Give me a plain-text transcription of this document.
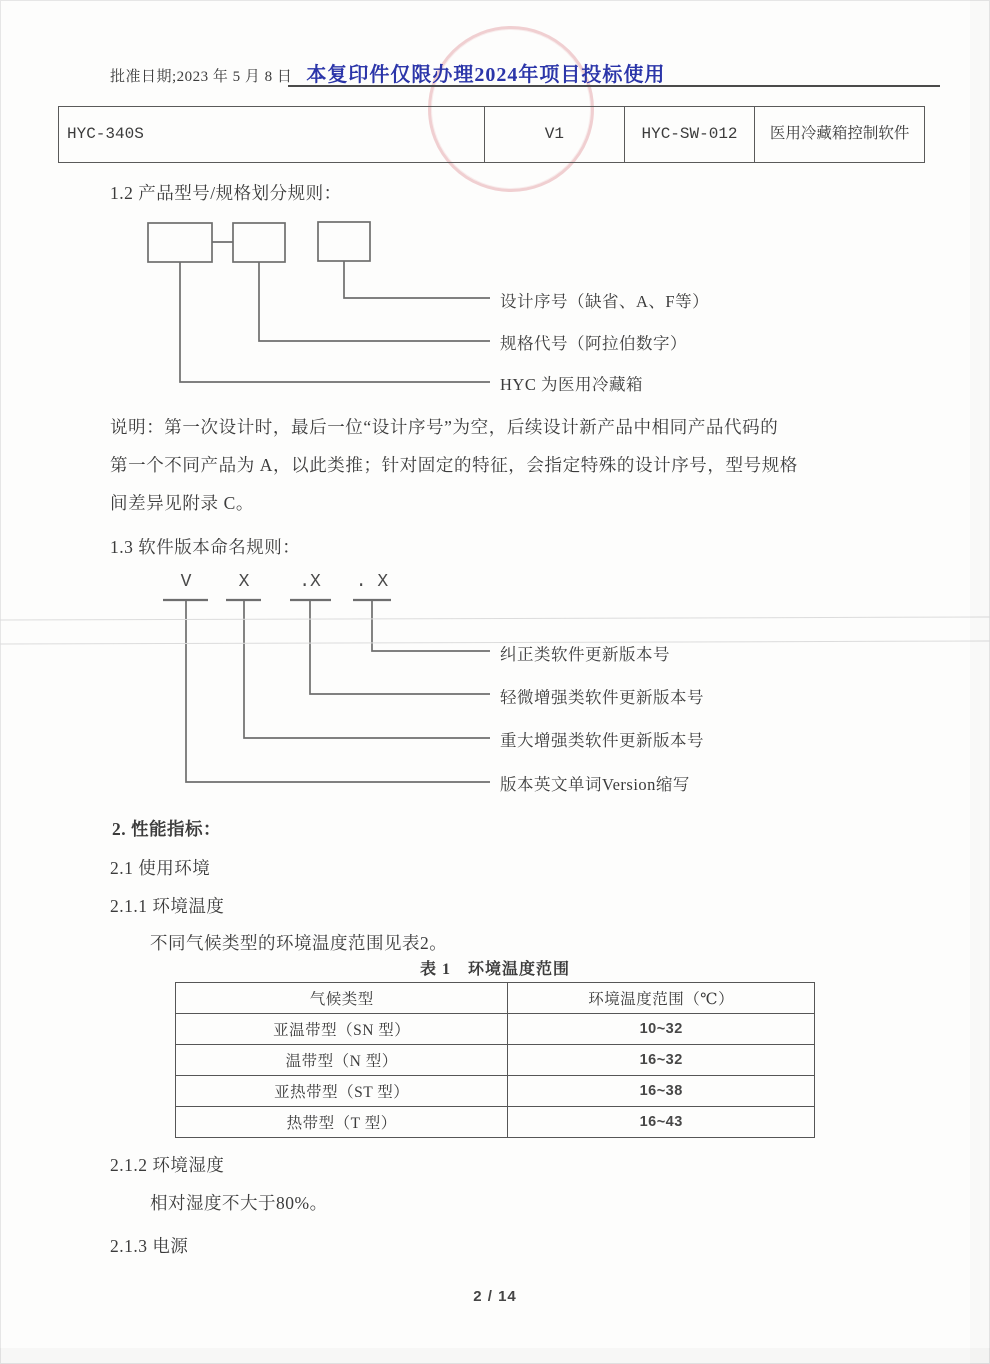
批准日期;2023 年 5 月 8 日 本复印件仅限办理2024年项目投标使用
HYC-340S	V1	HYC-SW-012	医用冷藏箱控制软件
1.2 产品型号/规格划分规则：
设计序号（缺省、A、F等）
规格代号（阿拉伯数字）
HYC 为医用冷藏箱
说明：第一次设计时，最后一位“设计序号”为空，后续设计新产品中相同产品代码的
第一个不同产品为 A，以此类推；针对固定的特征，会指定特殊的设计序号，型号规格
间差异见附录 C。
1.3 软件版本命名规则：
V	X	.X	. X
纠正类软件更新版本号
轻微增强类软件更新版本号
重大增强类软件更新版本号
版本英文单词Version缩写
2. 性能指标：
2.1 使用环境
2.1.1 环境温度
不同气候类型的环境温度范围见表2。
表 1　环境温度范围
气候类型	环境温度范围（℃）
亚温带型（SN 型）	10~32
温带型（N 型）	16~32
亚热带型（ST 型）	16~38
热带型（T 型）	16~43
2.1.2 环境湿度
相对湿度不大于80%。
2.1.3 电源
2 / 14
